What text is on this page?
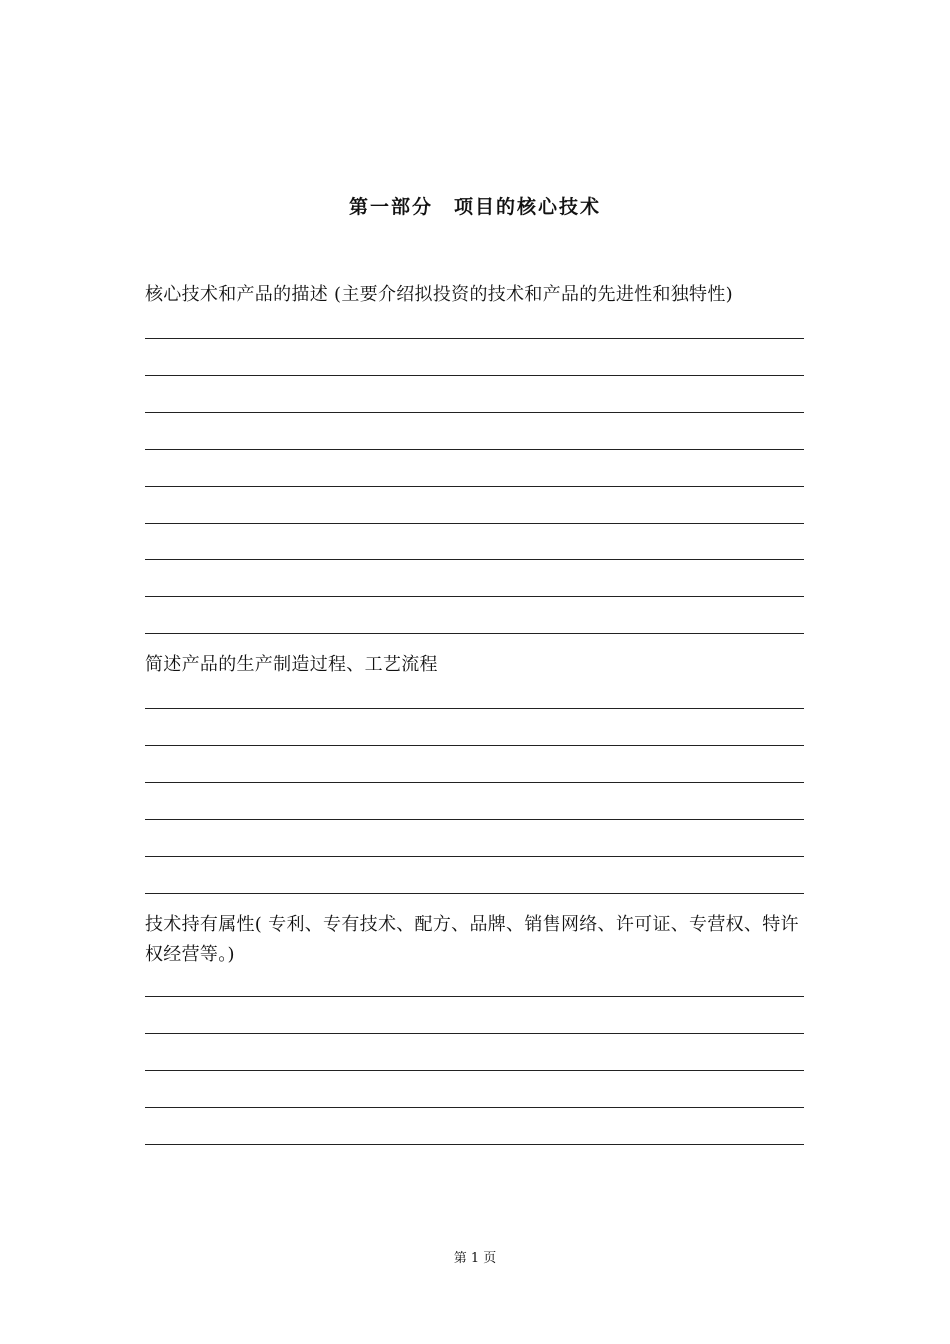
第一部分　项目的核心技术
核心技术和产品的描述 (主要介绍拟投资的技术和产品的先进性和独特性)
简述产品的生产制造过程、工艺流程
技术持有属性( 专利、专有技术、配方、品牌、销售网络、许可证、专营权、特许权经营等。)
第 1 页
